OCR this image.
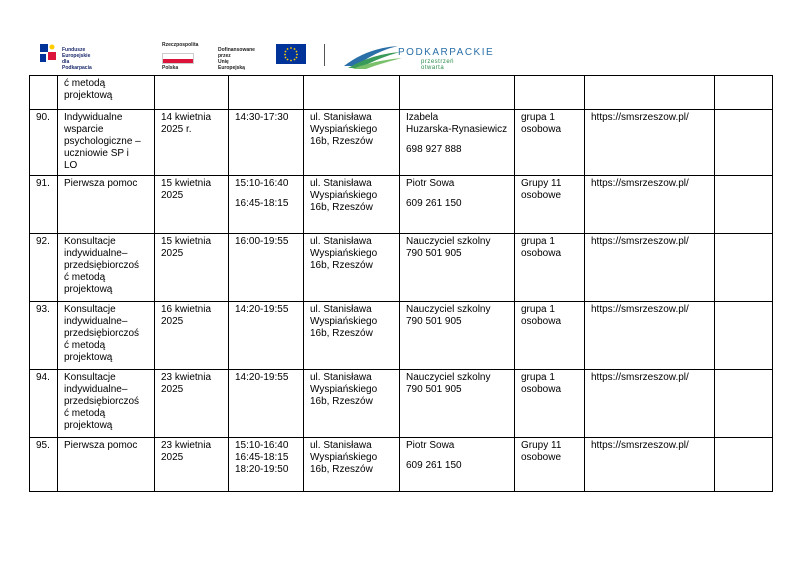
Fundusze Europejskie
dla Podkarpacia
Rzeczpospolita
Polska
Dofinansowane przez
Unię Europejską
PODKARPACKIE
przestrzeń otwarta

	ć metodą
projektową							

90.	Indywidualne
wsparcie
psychologiczne –
uczniowie SP i
LO	14 kwietnia
2025 r.	14:30-17:30	ul. Stanisława
Wyspiańskiego
16b, Rzeszów	Izabela
Huzarska-Rynasiewicz
698 927 888	grupa 1
osobowa	https://smsrzeszow.pl/	

91.	Pierwsza pomoc	15 kwietnia
2025	15:10-16:40
16:45-18:15	ul. Stanisława
Wyspiańskiego
16b, Rzeszów	Piotr Sowa
609 261 150	Grupy 11
osobowe	https://smsrzeszow.pl/	

92.	Konsultacje
indywidualne–
przedsiębiorczoś
ć metodą
projektową	15 kwietnia
2025	16:00-19:55	ul. Stanisława
Wyspiańskiego
16b, Rzeszów	Nauczyciel szkolny
790 501 905	grupa 1
osobowa	https://smsrzeszow.pl/	

93.	Konsultacje
indywidualne–
przedsiębiorczoś
ć metodą
projektową	16 kwietnia
2025	14:20-19:55	ul. Stanisława
Wyspiańskiego
16b, Rzeszów	Nauczyciel szkolny
790 501 905	grupa 1
osobowa	https://smsrzeszow.pl/	

94.	Konsultacje
indywidualne–
przedsiębiorczoś
ć metodą
projektową	23 kwietnia
2025	14:20-19:55	ul. Stanisława
Wyspiańskiego
16b, Rzeszów	Nauczyciel szkolny
790 501 905	grupa 1
osobowa	https://smsrzeszow.pl/	

95.	Pierwsza pomoc	23 kwietnia
2025	15:10-16:40
16:45-18:15
18:20-19:50	ul. Stanisława
Wyspiańskiego
16b, Rzeszów	Piotr Sowa
609 261 150	Grupy 11
osobowe	https://smsrzeszow.pl/	
